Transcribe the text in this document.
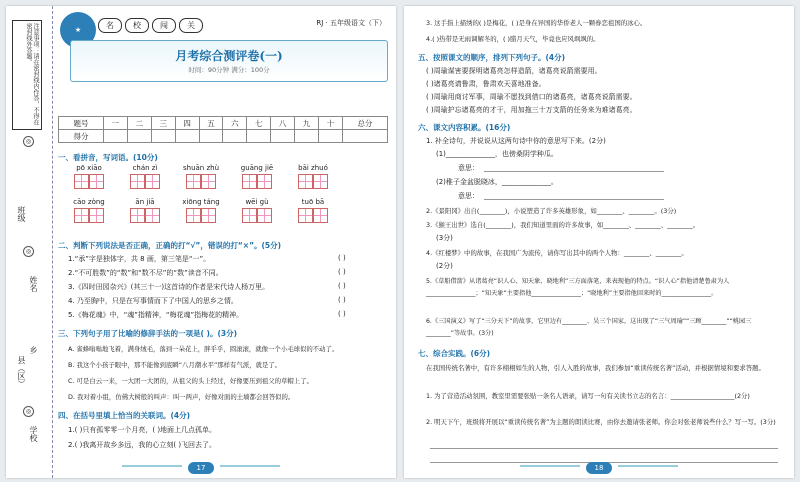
注意事项：请在密封线内作答，不得在密封线外答题。
◎
班级
姓名
◎
县（区）
乡
学校
◎
★	名	校	闯	关	RJ · 五年级语文（下）
月考综合测评卷(一)
时间：90分钟 满分：100分
题号	一	二	三	四	五	六	七	八	九	十	总分
得分											
一、看拼音，写词语。(10分)
pō xiāo	chán zì	shuān zhù	guāng jiē	bāi zhuó
cāo zòng	ān jiā	xiōng táng	wēi gù	tuō bā
二、判断下列说法是否正确，正确的打“√”，错误的打“×”。(5分)
1.“承”字是独体字，共 8 画，第三笔是“一”。	( )
2.“不可胜数”的“数”和“数不尽”的“数”读音不同。	( )
3.《四时田园杂兴》(其三十一)这首诗的作者是宋代诗人杨万里。	( )
4. 乃至胸中，只是在写事情而下了中国人的思乡之情。	( )
5.《梅花魂》中，“魂”指精神，“梅花魂”指梅花的精神。	( )
三、下列句子用了比喻的修辞手法的一项是( )。(3分)
A. 雀蜂嗡嗡地飞着，满身绒毛，落到一朵花上，胖乎乎，圆滚滚，就像一个小毛球似的不动了。
B. 我这个小孩子眼中，那不能像到底瞬“八月潮水平”那样有气派，就是了。
C. 可是白云一来，一大团一大团的，从祖父的头上经过，好像要压到祖父的草帽上了。
D. 我对着小组，仿佛大树般的叫声：叫一两声，好像对面的土墙都会回答似的。
四、在括号里填上恰当的关联词。(4分)
1.( )只有孤零零一个月亮，( )地面上几点孤单。
2.( )我离开故乡多远，我的心立刻( )飞回去了。
17
3. 这手指上描绣的( )是梅花，( )是身在异国的华侨老人一颗眷恋祖国的冰心。
4.( )热带是无雨调解冬的，( )腊月天气，毕竟也应风飒飒的。
五、按照课文的顺序，排列下列句子。(4分)
( )周瑜谋害要探明诸葛亮怎样造箭，诸葛亮说箭需要用。
( )诸葛亮请鲁肃，鲁肃欢天喜地准备。
( )周瑜用商讨军事，周瑜不愿找到借口的诸葛亮，诸葛亮说箭需要。
( )周瑜护忘诸葛亮的才干，用加拖三十万支箭的任务来为难诸葛亮。
六、课文内容积累。(16分)
1. 补全诗句，并说说从这两句诗中你的意思写下来。(2分)
(1)______________，也傍桑阴学种瓜。
意思：
(2)稚子金盆脱晓冰，______________。
意思：
2.《景阳冈》出自(________)，小说塑造了许多英雄形象，如________、________。(3分)
3.《猴王出世》选自(________)，我们知道里面的许多故事，如________、________、________。
(3分)
4.《红楼梦》中的故事，在我国广为流传，请你写出其中的两个人物：________、________。
(2分)
5.《草船借箭》从诸葛亮“识人心、知天象、晓地利”三方面落笔，来表现他的特点。“识人心”指他清楚鲁肃为人________________；“知天象”主要指他________________；“晓地利”主要指他回来时的________________。
6.《三国演义》写了“三分天下”的故事，它里边有________、吴三个国家，这出现了“三气周瑜”“三顾________”“桃园三________”等故事。(3分)
七、综合实践。(6分)
在我国传统名著中，有许多栩栩如生的人物，引人入胜的故事，我们参加“重读传统名著”活动，并根据情境和要求答题。
1. 为了营造活动氛围，教室里需要张贴一条名人语录，请写一句有关读书立志的名言：____________________(2分)
2. 明天下午，班级将开展以“重读传统名著”为主题的朗读比赛，由你去邀请张老师。你会对张老师说些什么？写一写。(3分)
18
